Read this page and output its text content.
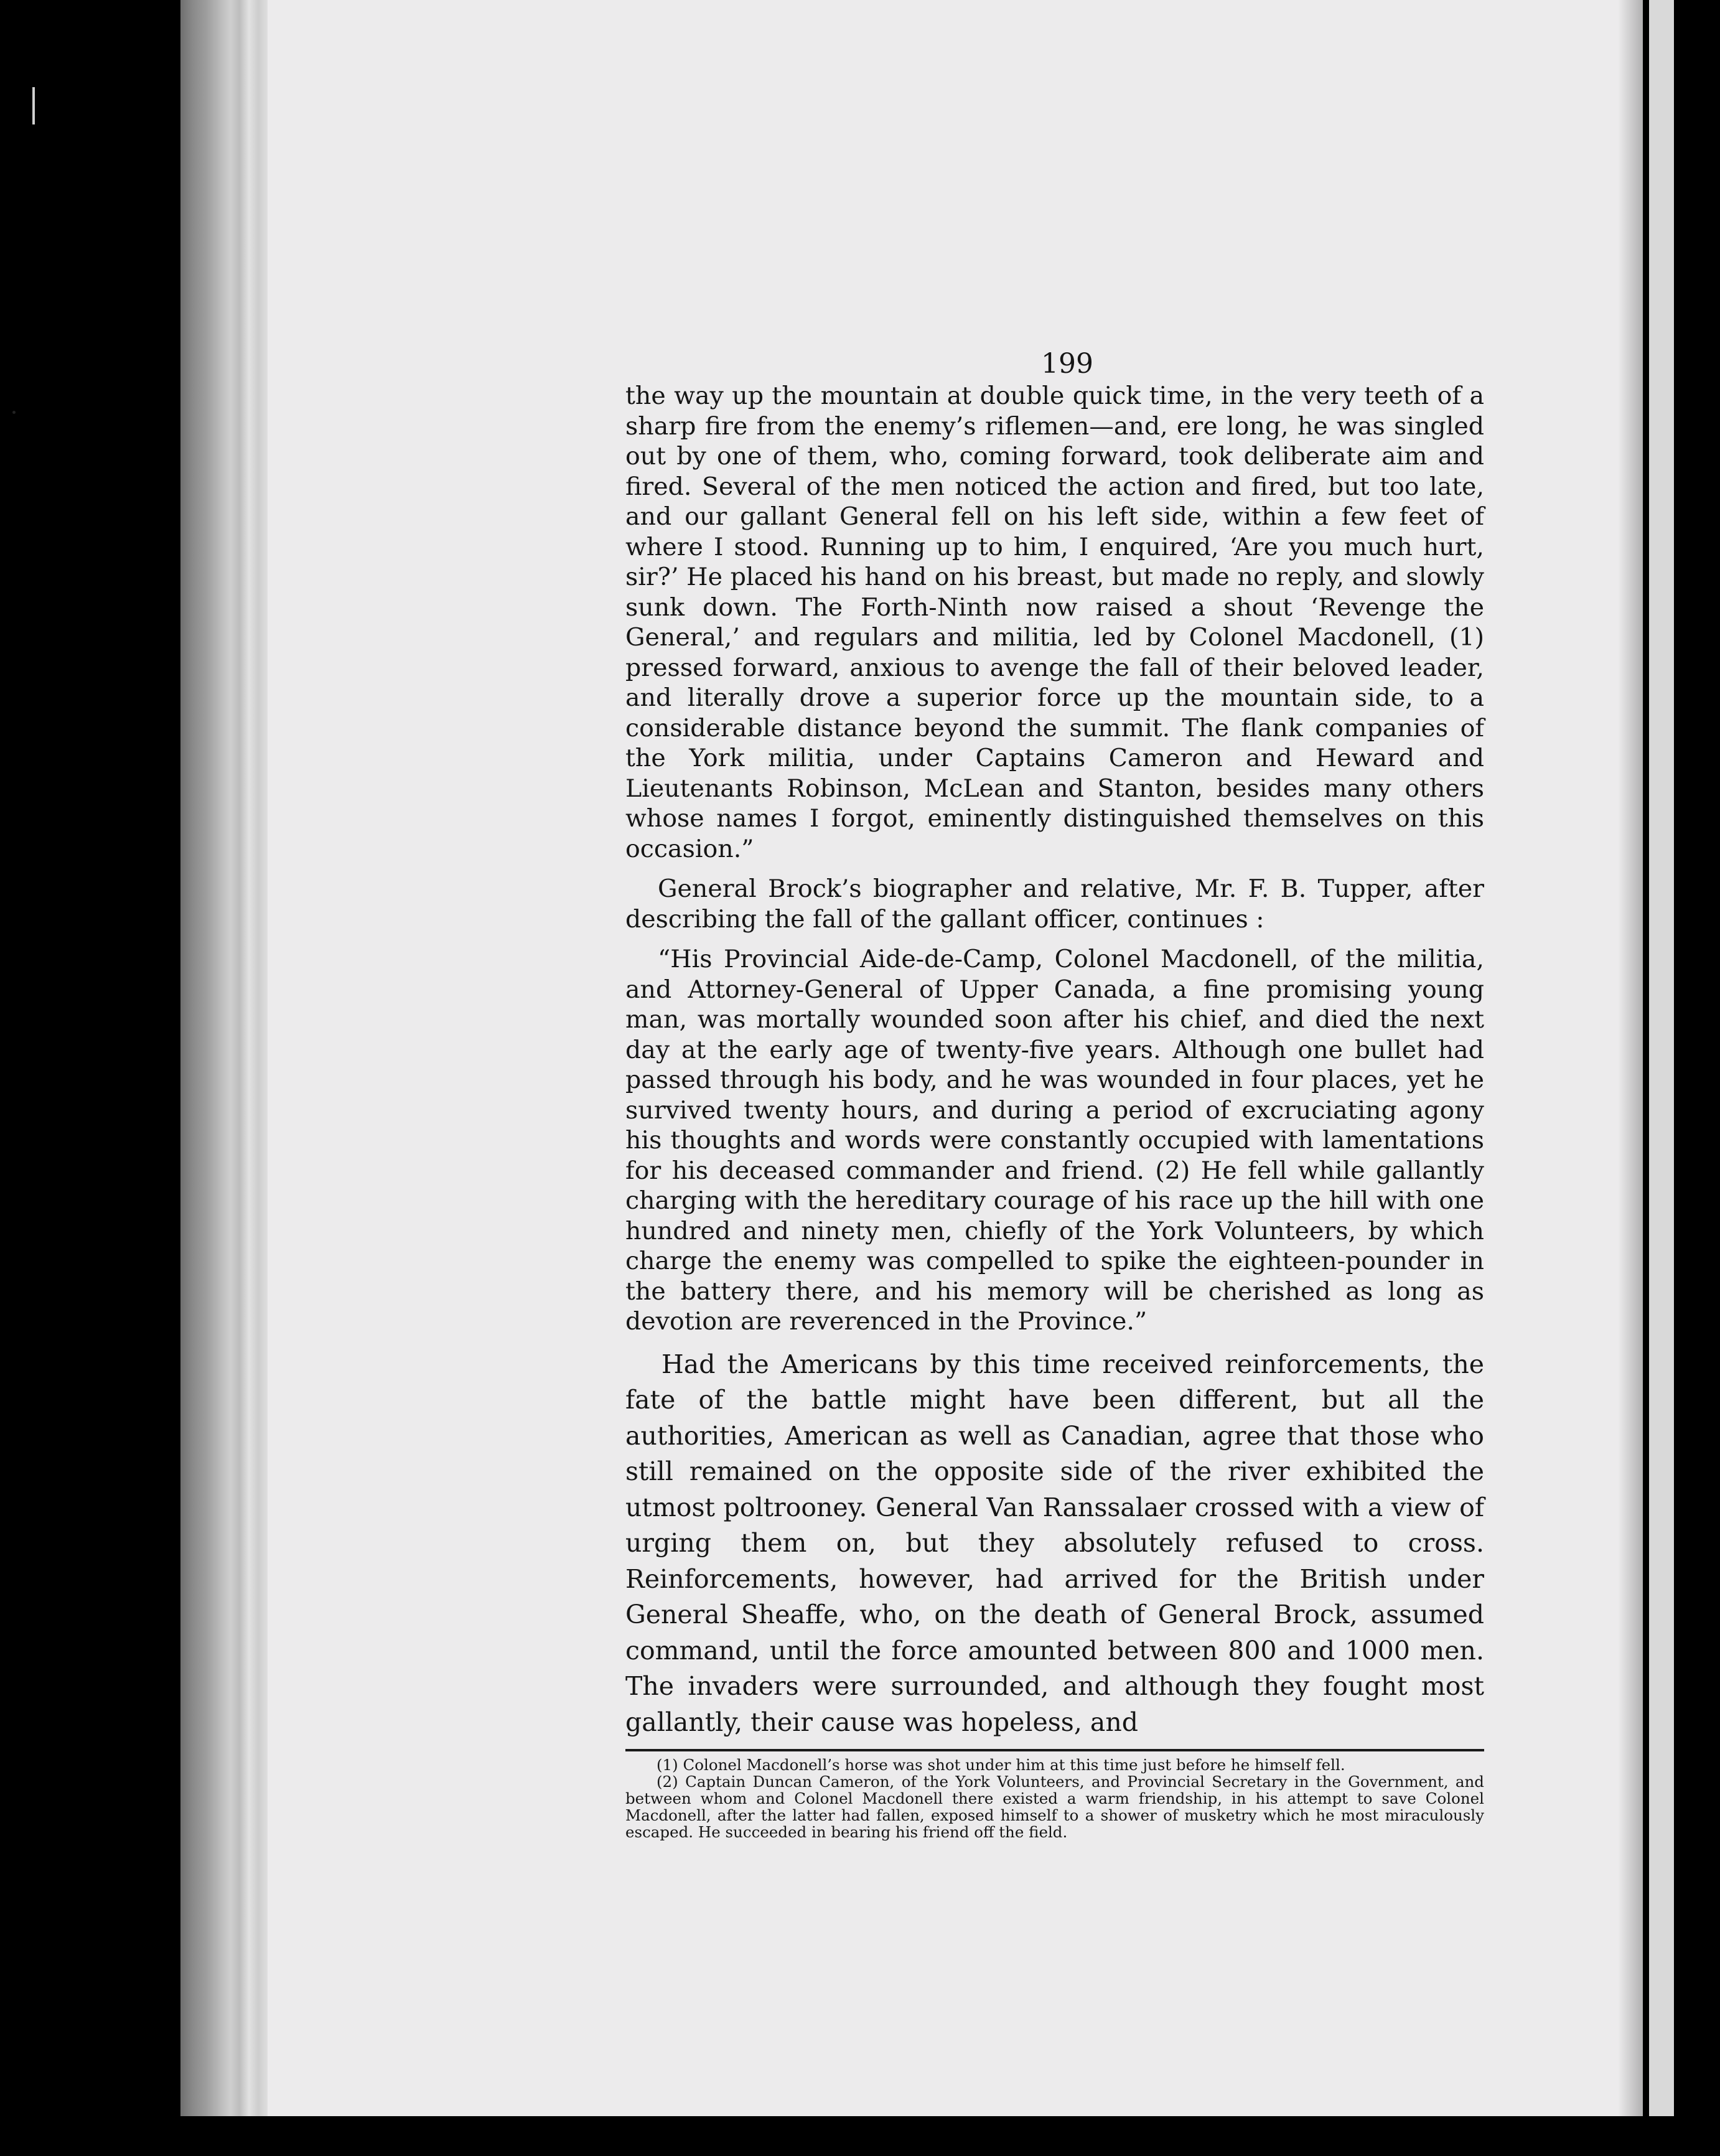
199

the way up the mountain at double quick time, in the very teeth of a sharp fire from the enemy’s riflemen—and, ere long, he was singled out by one of them, who, coming forward, took deliberate aim and fired. Several of the men noticed the action and fired, but too late, and our gallant General fell on his left side, within a few feet of where I stood. Running up to him, I enquired, ‘Are you much hurt, sir?’ He placed his hand on his breast, but made no reply, and slowly sunk down. The Forth-Ninth now raised a shout ‘Revenge the General,’ and regulars and militia, led by Colonel Macdonell, (1) pressed forward, anxious to avenge the fall of their beloved leader, and literally drove a superior force up the mountain side, to a considerable distance beyond the summit. The flank companies of the York militia, under Captains Cameron and Heward and Lieutenants Robinson, McLean and Stanton, besides many others whose names I forgot, eminently distinguished themselves on this occasion.”

General Brock’s biographer and relative, Mr. F. B. Tupper, after describing the fall of the gallant officer, continues :

“His Provincial Aide-de-Camp, Colonel Macdonell, of the militia, and Attorney-General of Upper Canada, a fine promising young man, was mortally wounded soon after his chief, and died the next day at the early age of twenty-five years. Although one bullet had passed through his body, and he was wounded in four places, yet he survived twenty hours, and during a period of excruciating agony his thoughts and words were constantly occupied with lamentations for his deceased commander and friend. (2) He fell while gallantly charging with the hereditary courage of his race up the hill with one hundred and ninety men, chiefly of the York Volunteers, by which charge the enemy was compelled to spike the eighteen-pounder in the battery there, and his memory will be cherished as long as devotion are reverenced in the Province.”

Had the Americans by this time received reinforcements, the fate of the battle might have been different, but all the authorities, American as well as Canadian, agree that those who still remained on the opposite side of the river exhibited the utmost poltrooney. General Van Ranssalaer crossed with a view of urging them on, but they absolutely refused to cross. Reinforcements, however, had arrived for the British under General Sheaffe, who, on the death of General Brock, assumed command, until the force amounted between 800 and 1000 men. The invaders were surrounded, and although they fought most gallantly, their cause was hopeless, and

(1) Colonel Macdonell’s horse was shot under him at this time just before he himself fell.

(2) Captain Duncan Cameron, of the York Volunteers, and Provincial Secretary in the Government, and between whom and Colonel Macdonell there existed a warm friendship, in his attempt to save Colonel Macdonell, after the latter had fallen, exposed himself to a shower of musketry which he most miraculously escaped. He succeeded in bearing his friend off the field.
